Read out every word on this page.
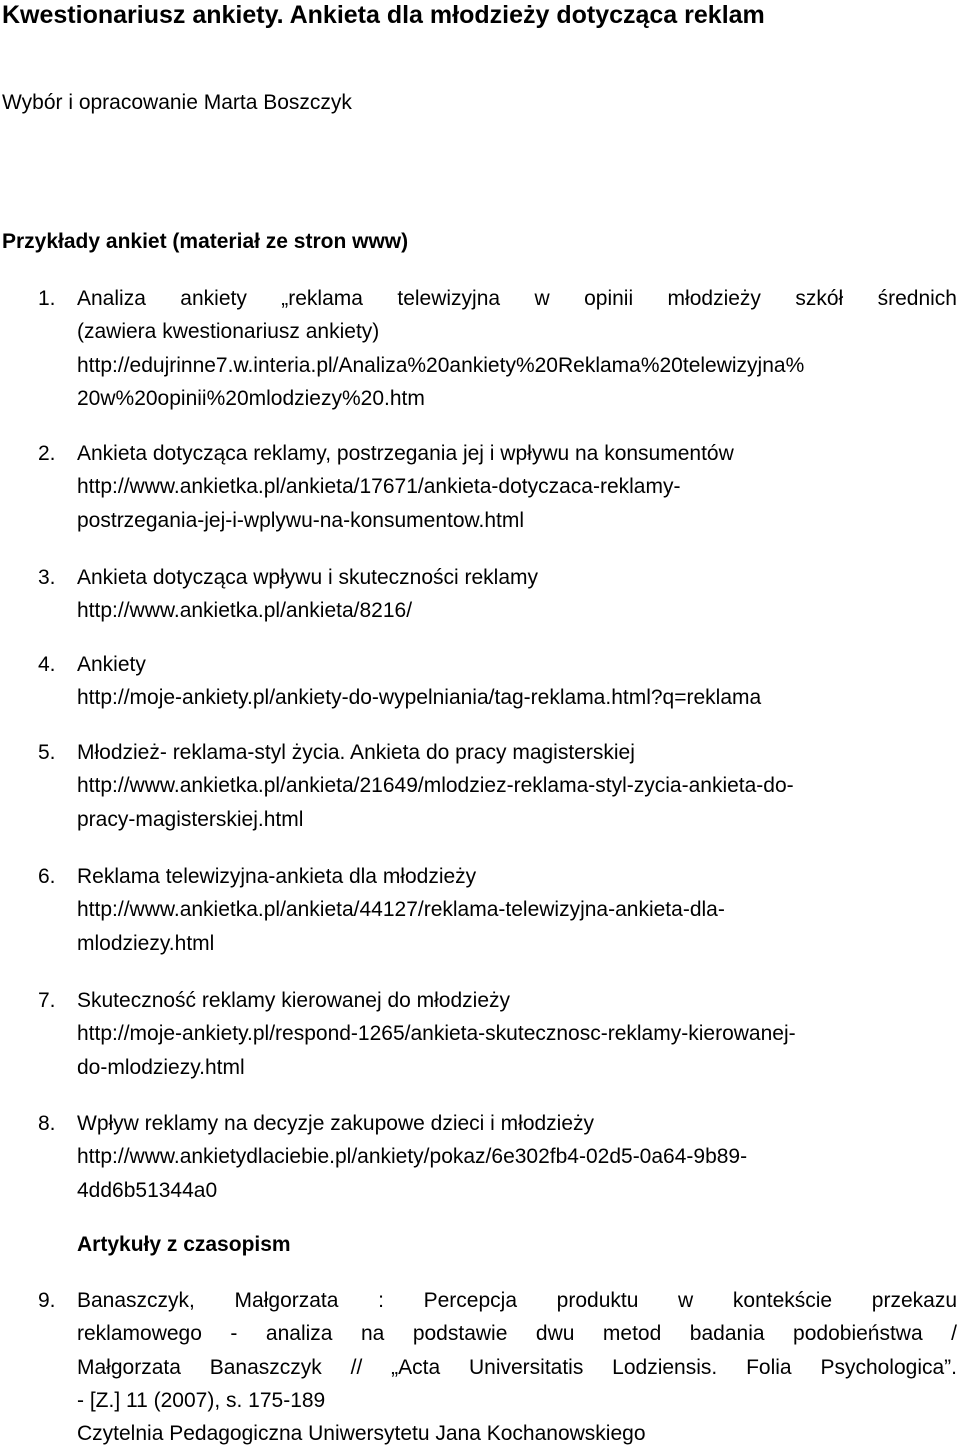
Kwestionariusz ankiety. Ankieta dla młodzieży dotycząca reklam
Wybór i opracowanie Marta Boszczyk
Przykłady ankiet (materiał ze stron www)
1. Analiza ankiety „reklama telewizyjna w opinii młodzieży szkół średnich
(zawiera kwestionariusz ankiety)
http://edujrinne7.w.interia.pl/Analiza%20ankiety%20Reklama%20telewizyjna%
20w%20opinii%20mlodziezy%20.htm
2. Ankieta dotycząca reklamy, postrzegania jej i wpływu na konsumentów
http://www.ankietka.pl/ankieta/17671/ankieta-dotyczaca-reklamy-
postrzegania-jej-i-wplywu-na-konsumentow.html
3. Ankieta dotycząca wpływu i skuteczności reklamy
http://www.ankietka.pl/ankieta/8216/
4. Ankiety
http://moje-ankiety.pl/ankiety-do-wypelniania/tag-reklama.html?q=reklama
5. Młodzież- reklama-styl życia. Ankieta do pracy magisterskiej
http://www.ankietka.pl/ankieta/21649/mlodziez-reklama-styl-zycia-ankieta-do-
pracy-magisterskiej.html
6. Reklama telewizyjna-ankieta dla młodzieży
http://www.ankietka.pl/ankieta/44127/reklama-telewizyjna-ankieta-dla-
mlodziezy.html
7. Skuteczność reklamy kierowanej do młodzieży
http://moje-ankiety.pl/respond-1265/ankieta-skutecznosc-reklamy-kierowanej-
do-mlodziezy.html
8. Wpływ reklamy na decyzje zakupowe dzieci i młodzieży
http://www.ankietydlaciebie.pl/ankiety/pokaz/6e302fb4-02d5-0a64-9b89-
4dd6b51344a0
Artykuły z czasopism
9. Banaszczyk, Małgorzata : Percepcja produktu w kontekście przekazu
reklamowego - analiza na podstawie dwu metod badania podobieństwa /
Małgorzata Banaszczyk // „Acta Universitatis Lodziensis. Folia Psychologica”.
- [Z.] 11 (2007), s. 175-189
Czytelnia Pedagogiczna Uniwersytetu Jana Kochanowskiego
